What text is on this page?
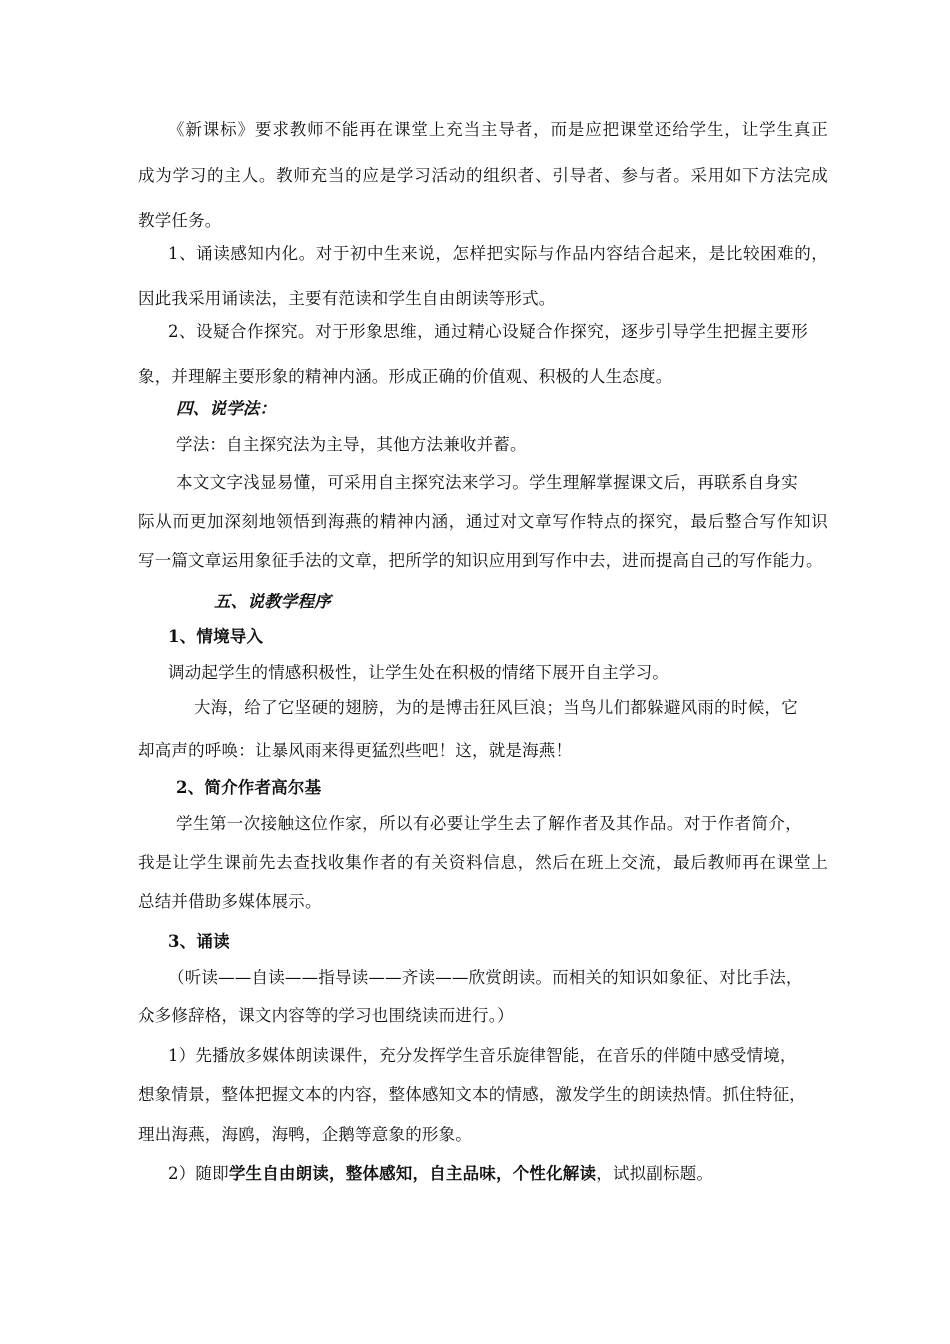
《新课标》要求教师不能再在课堂上充当主导者，而是应把课堂还给学生，让学生真正
成为学习的主人。教师充当的应是学习活动的组织者、引导者、参与者。采用如下方法完成
教学任务。
1、诵读感知内化。对于初中生来说，怎样把实际与作品内容结合起来，是比较困难的，
因此我采用诵读法，主要有范读和学生自由朗读等形式。
2、设疑合作探究。对于形象思维，通过精心设疑合作探究，逐步引导学生把握主要形
象，并理解主要形象的精神内涵。形成正确的价值观、积极的人生态度。
四、说学法：
学法：自主探究法为主导，其他方法兼收并蓄。
本文文字浅显易懂，可采用自主探究法来学习。学生理解掌握课文后，再联系自身实
际从而更加深刻地领悟到海燕的精神内涵，通过对文章写作特点的探究，最后整合写作知识
写一篇文章运用象征手法的文章，把所学的知识应用到写作中去，进而提高自己的写作能力。
五、说教学程序
1、情境导入
调动起学生的情感积极性，让学生处在积极的情绪下展开自主学习。
大海，给了它坚硬的翅膀，为的是博击狂风巨浪；当鸟儿们都躲避风雨的时候，它
却高声的呼唤：让暴风雨来得更猛烈些吧！这，就是海燕！
2、简介作者高尔基
学生第一次接触这位作家，所以有必要让学生去了解作者及其作品。对于作者简介，
我是让学生课前先去查找收集作者的有关资料信息，然后在班上交流，最后教师再在课堂上
总结并借助多媒体展示。
3、诵读
（听读——自读——指导读——齐读——欣赏朗读。而相关的知识如象征、对比手法，
众多修辞格，课文内容等的学习也围绕读而进行。）
1）先播放多媒体朗读课件，充分发挥学生音乐旋律智能，在音乐的伴随中感受情境，
想象情景，整体把握文本的内容，整体感知文本的情感，激发学生的朗读热情。抓住特征，
理出海燕，海鸥，海鸭，企鹅等意象的形象。
2）随即学生自由朗读，整体感知，自主品味，个性化解读，试拟副标题。
